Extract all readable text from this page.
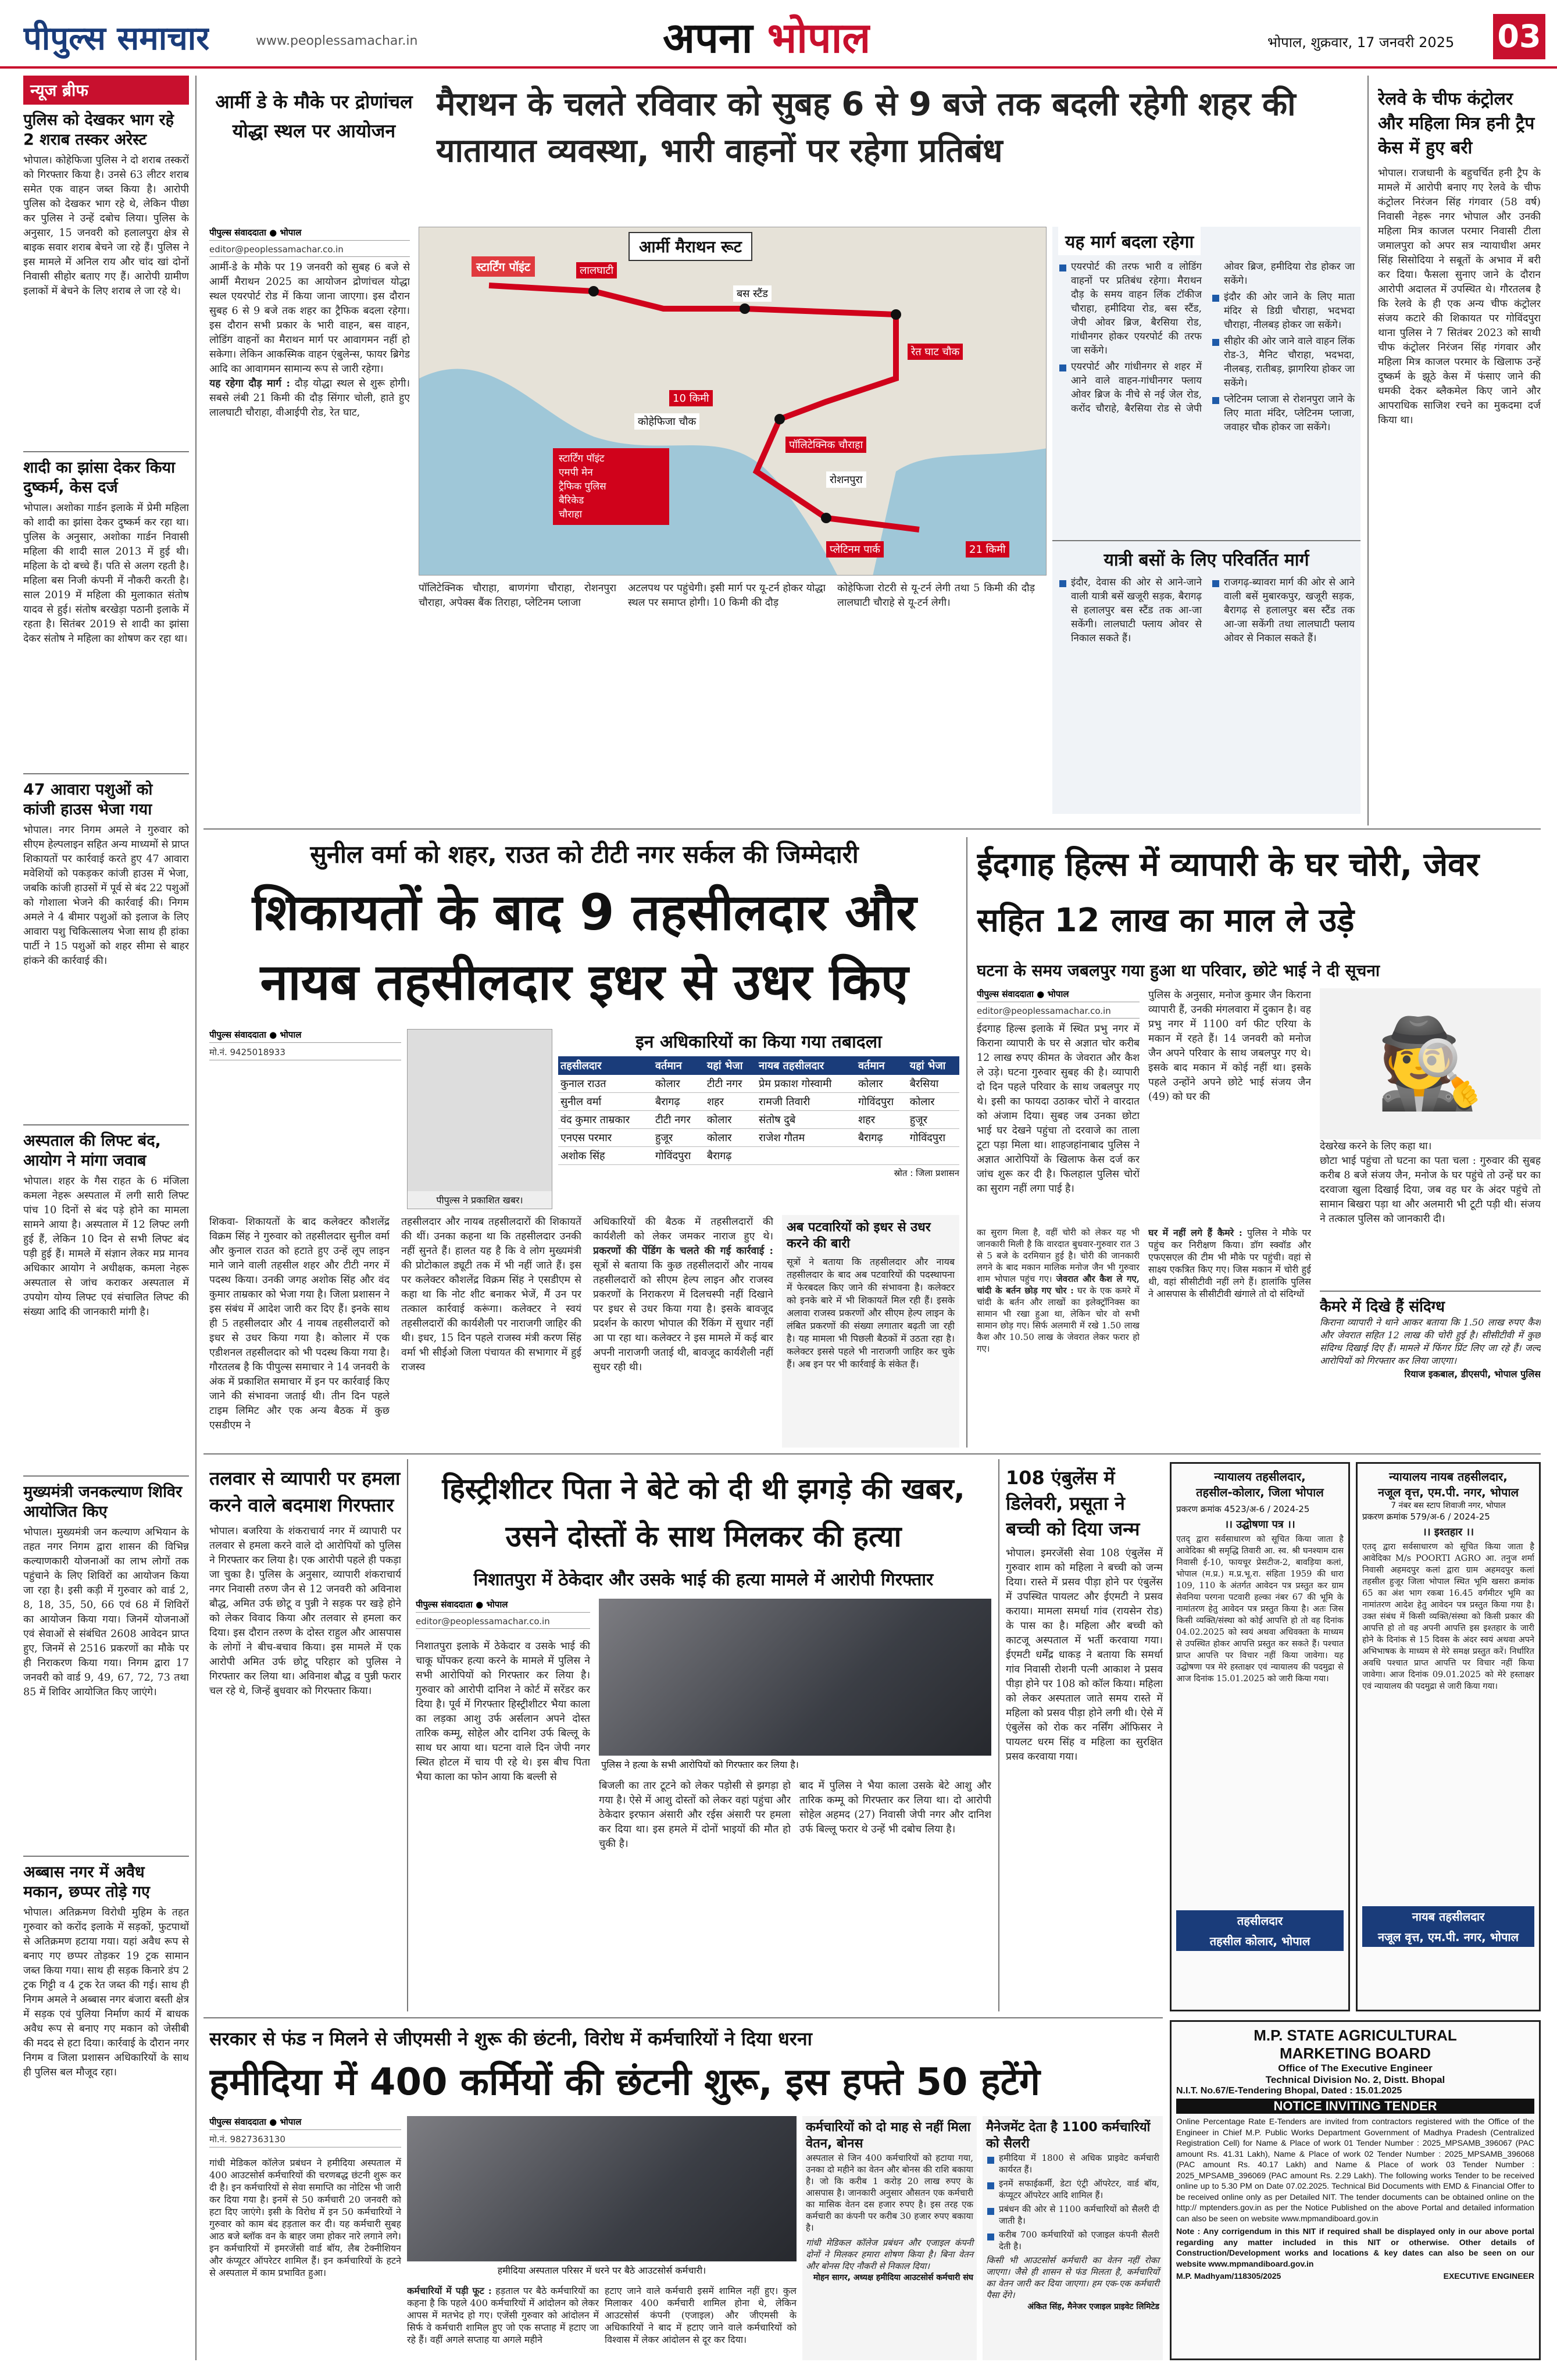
पीपुल्स समाचार	www.peoplessamachar.in	अपना भोपाल	भोपाल, शुक्रवार, 17 जनवरी 2025 03
न्यूज ब्रीफ
पुलिस को देखकर भाग रहे 2 शराब तस्कर अरेस्ट
भोपाल। कोहेफिजा पुलिस ने दो शराब तस्करों को गिरफ्तार किया है। उनसे 63 लीटर शराब समेत एक वाहन जब्त किया है। आरोपी पुलिस को देखकर भाग रहे थे, लेकिन पीछा कर पुलिस ने उन्हें दबोच लिया। पुलिस के अनुसार, 15 जनवरी को हलालपुरा क्षेत्र से बाइक सवार शराब बेचने जा रहे हैं। पुलिस ने इस मामले में अनिल राय और चांद खां दोनों निवासी सीहोर बताए गए हैं। आरोपी ग्रामीण इलाकों में बेचने के लिए शराब ले जा रहे थे।
शादी का झांसा देकर किया दुष्कर्म, केस दर्ज
भोपाल। अशोका गार्डन इलाके में प्रेमी महिला को शादी का झांसा देकर दुष्कर्म कर रहा था। पुलिस के अनुसार, अशोका गार्डन निवासी महिला की शादी साल 2013 में हुई थी। महिला के दो बच्चे हैं। पति से अलग रहती है। महिला बस निजी कंपनी में नौकरी करती है। साल 2019 में महिला की मुलाकात संतोष यादव से हुई। संतोष बरखेड़ा पठानी इलाके में रहता है। सितंबर 2019 से शादी का झांसा देकर संतोष ने महिला का शोषण कर रहा था।
47 आवारा पशुओं को कांजी हाउस भेजा गया
भोपाल। नगर निगम अमले ने गुरुवार को सीएम हेल्पलाइन सहित अन्य माध्यमों से प्राप्त शिकायतों पर कार्रवाई करते हुए 47 आवारा मवेशियों को पकड़कर कांजी हाउस में भेजा, जबकि कांजी हाउसों में पूर्व से बंद 22 पशुओं को गोशाला भेजने की कार्रवाई की। निगम अमले ने 4 बीमार पशुओं को इलाज के लिए आवारा पशु चिकित्सालय भेजा साथ ही हांका पार्टी ने 15 पशुओं को शहर सीमा से बाहर हांकने की कार्रवाई की।
अस्पताल की लिफ्ट बंद, आयोग ने मांगा जवाब
भोपाल। शहर के गैस राहत के 6 मंजिला कमला नेहरू अस्पताल में लगी सारी लिफ्ट पांच 10 दिनों से बंद पड़े होने का मामला सामने आया है। अस्पताल में 12 लिफ्ट लगी हुई हैं, लेकिन 10 दिन से सभी लिफ्ट बंद पड़ी हुई हैं। मामले में संज्ञान लेकर मप्र मानव अधिकार आयोग ने अधीक्षक, कमला नेहरू अस्पताल से जांच कराकर अस्पताल में उपयोग योग्य लिफ्ट एवं संचालित लिफ्ट की संख्या आदि की जानकारी मांगी है।
मुख्यमंत्री जनकल्याण शिविर आयोजित किए
भोपाल। मुख्यमंत्री जन कल्याण अभियान के तहत नगर निगम द्वारा शासन की विभिन्न कल्याणकारी योजनाओं का लाभ लोगों तक पहुंचाने के लिए शिविरों का आयोजन किया जा रहा है। इसी कड़ी में गुरुवार को वार्ड 2, 8, 18, 35, 50, 66 एवं 68 में शिविरों का आयोजन किया गया। जिनमें योजनाओं एवं सेवाओं से संबंधित 2608 आवेदन प्राप्त हुए, जिनमें से 2516 प्रकरणों का मौके पर ही निराकरण किया गया। निगम द्वारा 17 जनवरी को वार्ड 9, 49, 67, 72, 73 तथा 85 में शिविर आयोजित किए जाएंगे।
अब्बास नगर में अवैध मकान, छप्पर तोड़े गए
भोपाल। अतिक्रमण विरोधी मुहिम के तहत गुरुवार को करोंद इलाके में सड़कों, फुटपाथों से अतिक्रमण हटाया गया। यहां अवैध रूप से बनाए गए छप्पर तोड़कर 19 ट्रक सामान जब्त किया गया। साथ ही सड़क किनारे डंप 2 ट्रक गिट्टी व 4 ट्रक रेत जब्त की गई। साथ ही निगम अमले ने अब्बास नगर बंजारा बस्ती क्षेत्र में सड़क एवं पुलिया निर्माण कार्य में बाधक अवैध रूप से बनाए गए मकान को जेसीबी की मदद से हटा दिया। कार्रवाई के दौरान नगर निगम व जिला प्रशासन अधिकारियों के साथ ही पुलिस बल मौजूद रहा।
आर्मी डे के मौके पर द्रोणांचल योद्धा स्थल पर आयोजन
मैराथन के चलते रविवार को सुबह 6 से 9 बजे तक बदली रहेगी शहर की यातायात व्यवस्था, भारी वाहनों पर रहेगा प्रतिबंध
पीपुल्स संवाददाता ● भोपाल
editor@peoplessamachar.co.in
आर्मी-डे के मौके पर 19 जनवरी को सुबह 6 बजे से आर्मी मैराथन 2025 का आयोजन द्रोणांचल योद्धा स्थल एयरपोर्ट रोड में किया जाना जाएगा। इस दौरान सुबह 6 से 9 बजे तक शहर का ट्रैफिक बदला रहेगा। इस दौरान सभी प्रकार के भारी वाहन, बस वाहन, लोडिंग वाहनों का मैराथन मार्ग पर आवागमन नहीं हो सकेगा। लेकिन आकस्मिक वाहन एंबुलेन्स, फायर ब्रिगेड आदि का आवागमन सामान्य रूप से जारी रहेगा।
यह रहेगा दौड़ मार्ग : दौड़ योद्धा स्थल से शुरू होगी। सबसे लंबी 21 किमी की दौड़ सिंगार चोली, हाते हुए लालघाटी चौराहा, वीआईपी रोड, रेत घाट,
आर्मी मैराथन रूट
स्टार्टिंग पॉइंट	लालघाटी
बस स्टैंड
रेत घाट चौक
कोहेफिजा चौक
10 किमी
पॉलिटेक्निक चौराहा
रोशनपुरा
प्लेटिनम पार्क	21 किमी
स्टार्टिंग पॉइंट
एमपी मेन
ट्रैफिक पुलिस
बैरिकेड
चौराहा
पॉलिटेक्निक चौराहा, बाणगंगा चौराहा, रोशनपुरा चौराहा, अपेक्स बैंक तिराहा, प्लेटिनम प्लाजा
अटलपथ पर पहुंचेगी। इसी मार्ग पर यू-टर्न होकर योद्धा स्थल पर समाप्त होगी। 10 किमी की दौड़
कोहेफिजा रोटरी से यू-टर्न लेगी तथा 5 किमी की दौड़ लालघाटी चौराहे से यू-टर्न लेगी।
यह मार्ग बदला रहेगा
एयरपोर्ट की तरफ भारी व लोडिंग वाहनों पर प्रतिबंध रहेगा। मैराथन दौड़ के समय वाहन लिंक टॉकीज चौराहा, हमीदिया रोड, बस स्टैंड, जेपी ओवर ब्रिज, बैरसिया रोड, गांधीनगर होकर एयरपोर्ट की तरफ जा सकेंगे।
एयरपोर्ट और गांधीनगर से शहर में आने वाले वाहन-गांधीनगर फ्लाय ओवर ब्रिज के नीचे से नई जेल रोड, करोंद चौराहे, बैरसिया रोड से जेपी ओवर ब्रिज, हमीदिया रोड होकर जा सकेंगे।
इंदौर की ओर जाने के लिए माता मंदिर से डिग्री चौराहा, भदभदा चौराहा, नीलबड़ होकर जा सकेंगे।
सीहोर की ओर जाने वाले वाहन लिंक रोड-3, मैनिट चौराहा, भदभदा, नीलबड़, रातीबड़, झागरिया होकर जा सकेंगे।
प्लेटिनम प्लाजा से रोशनपुरा जाने के लिए माता मंदिर, प्लेटिनम प्लाजा, जवाहर चौक होकर जा सकेंगे।
यात्री बसों के लिए परिवर्तित मार्ग
इंदौर, देवास की ओर से आने-जाने वाली यात्री बसें खजूरी सड़क, बैरागढ़ से हलालपुर बस स्टैंड तक आ-जा सकेंगी। लालघाटी फ्लाय ओवर से निकाल सकते हैं।
राजगढ़-ब्यावरा मार्ग की ओर से आने वाली बसें मुबारकपुर, खजूरी सड़क, बैरागढ़ से हलालपुर बस स्टैंड तक आ-जा सकेंगी तथा लालघाटी फ्लाय ओवर से निकाल सकते हैं।
रेलवे के चीफ कंट्रोलर और महिला मित्र हनी ट्रैप केस में हुए बरी
भोपाल। राजधानी के बहुचर्चित हनी ट्रैप के मामले में आरोपी बनाए गए रेलवे के चीफ कंट्रोलर निरंजन सिंह गंगवार (58 वर्ष) निवासी नेहरू नगर भोपाल और उनकी महिला मित्र काजल परमार निवासी टीला जमालपुरा को अपर सत्र न्यायाधीश अमर सिंह सिसोदिया ने सबूतों के अभाव में बरी कर दिया। फैसला सुनाए जाने के दौरान आरोपी अदालत में उपस्थित थे। गौरतलब है कि रेलवे के ही एक अन्य चीफ कंट्रोलर संजय कटारे की शिकायत पर गोविंदपुरा थाना पुलिस ने 7 सितंबर 2023 को साथी चीफ कंट्रोलर निरंजन सिंह गंगवार और महिला मित्र काजल परमार के खिलाफ उन्हें दुष्कर्म के झूठे केस में फंसाए जाने की धमकी देकर ब्लैकमेल किए जाने और आपराधिक साजिश रचने का मुकदमा दर्ज किया था।
सुनील वर्मा को शहर, राउत को टीटी नगर सर्कल की जिम्मेदारी
शिकायतों के बाद 9 तहसीलदार और नायब तहसीलदार इधर से उधर किए
पीपुल्स संवाददाता ● भोपाल
मो.नं. 9425018933
पीपुल्स ने प्रकाशित खबर।
इन अधिकारियों का किया गया तबादला
तहसीलदार	वर्तमान	यहां भेजा	नायब तहसीलदार	वर्तमान	यहां भेजा
कुनाल राउत	कोलार	टीटी नगर	प्रेम प्रकाश गोस्वामी	कोलार	बैरसिया
सुनील वर्मा	बैरागढ़	शहर	रामजी तिवारी	गोविंदपुरा	कोलार
वंद कुमार ताम्रकार	टीटी नगर	कोलार	संतोष दुबे	शहर	हुजूर
एनएस परमार	हुजूर	कोलार	राजेश गौतम	बैरागढ़	गोविंदपुरा
अशोक सिंह	गोविंदपुरा	बैरागढ़			
स्रोत : जिला प्रशासन
शिकवा- शिकायतों के बाद कलेक्टर कौशलेंद्र विक्रम सिंह ने गुरुवार को तहसीलदार सुनील वर्मा और कुनाल राउत को हटाते हुए उन्हें लूप लाइन माने जाने वाली तहसील शहर और टीटी नगर में पदस्थ किया। उनकी जगह अशोक सिंह और वंद कुमार ताम्रकार को भेजा गया है। जिला प्रशासन ने इस संबंध में आदेश जारी कर दिए हैं। इनके साथ ही 5 तहसीलदार और 4 नायब तहसीलदारों को इधर से उधर किया गया है। कोलार में एक एडीशनल तहसीलदार को भी पदस्थ किया गया है। गौरतलब है कि पीपुल्स समाचार ने 14 जनवरी के अंक में प्रकाशित समाचार में इन पर कार्रवाई किए जाने की संभावना जताई थी। तीन दिन पहले टाइम लिमिट और एक अन्य बैठक में कुछ एसडीएम ने
तहसीलदार और नायब तहसीलदारों की शिकायतें की थीं। उनका कहना था कि तहसीलदार उनकी नहीं सुनते हैं। हालत यह है कि वे लोग मुख्यमंत्री की प्रोटोकाल ड्यूटी तक में भी नहीं जाते हैं। इस पर कलेक्टर कौशलेंद्र विक्रम सिंह ने एसडीएम से कहा था कि नोट शीट बनाकर भेजें, मैं उन पर तत्काल कार्रवाई करूंगा। कलेक्टर ने स्वयं तहसीलदारों की कार्यशैली पर नाराजगी जाहिर की थी। इधर, 15 दिन पहले राजस्व मंत्री करण सिंह वर्मा भी सीईओ जिला पंचायत की सभागार में हुई राजस्व
अधिकारियों की बैठक में तहसीलदारों की कार्यशैली को लेकर जमकर नाराज हुए थे। प्रकरणों की पेंडिंग के चलते की गई कार्रवाई : सूत्रों से बताया कि कुछ तहसीलदारों और नायब तहसीलदारों को सीएम हेल्प लाइन और राजस्व प्रकरणों के निराकरण में दिलचस्पी नहीं दिखाने पर इधर से उधर किया गया है। इसके बावजूद प्रदर्शन के कारण भोपाल की रैंकिंग में सुधार नहीं आ पा रहा था। कलेक्टर ने इस मामले में कई बार अपनी नाराजगी जताई थी, बावजूद कार्यशैली नहीं सुधर रही थी।
अब पटवारियों को इधर से उधर करने की बारी
सूत्रों ने बताया कि तहसीलदार और नायब तहसीलदार के बाद अब पटवारियों की पदस्थापना में फेरबदल किए जाने की संभावना है। कलेक्टर को इनके बारे में भी शिकायतें मिल रही हैं। इसके अलावा राजस्व प्रकरणों और सीएम हेल्प लाइन के लंबित प्रकरणों की संख्या लगातार बढ़ती जा रही है। यह मामला भी पिछली बैठकों में उठता रहा है। कलेक्टर इससे पहले भी नाराजगी जाहिर कर चुके हैं। अब इन पर भी कार्रवाई के संकेत हैं।
ईदगाह हिल्स में व्यापारी के घर चोरी, जेवर सहित 12 लाख का माल ले उड़े
घटना के समय जबलपुर गया हुआ था परिवार, छोटे भाई ने दी सूचना
पीपुल्स संवाददाता ● भोपाल
editor@peoplessamachar.co.in
ईदगाह हिल्स इलाके में स्थित प्रभु नगर में किराना व्यापारी के घर से अज्ञात चोर करीब 12 लाख रुपए कीमत के जेवरात और कैश ले उड़े। घटना गुरुवार सुबह की है। व्यापारी दो दिन पहले परिवार के साथ जबलपुर गए थे। इसी का फायदा उठाकर चोरों ने वारदात को अंजाम दिया। सुबह जब उनका छोटा भाई घर देखने पहुंचा तो दरवाजे का ताला टूटा पड़ा मिला था। शाहजहांनाबाद पुलिस ने अज्ञात आरोपियों के खिलाफ केस दर्ज कर जांच शुरू कर दी है। फिलहाल पुलिस चोरों का सुराग नहीं लगा पाई है।
पुलिस के अनुसार, मनोज कुमार जैन किराना व्यापारी हैं, उनकी मंगलवारा में दुकान है। वह प्रभु नगर में 1100 वर्ग फीट एरिया के मकान में रहते हैं। 14 जनवरी को मनोज जैन अपने परिवार के साथ जबलपुर गए थे। इसके बाद मकान में कोई नहीं था। इसके पहले उन्होंने अपने छोटे भाई संजय जैन (49) को घर की	🕵
देखरेख करने के लिए कहा था।
छोटा भाई पहुंचा तो घटना का पता चला : गुरुवार की सुबह करीब 8 बजे संजय जैन, मनोज के घर पहुंचे तो उन्हें घर का दरवाजा खुला दिखाई दिया, जब वह घर के अंदर पहुंचे तो सामान बिखरा पड़ा था और अलमारी भी टूटी पड़ी थी। संजय ने तत्काल पुलिस को जानकारी दी।
घर में नहीं लगे हैं कैमरे : पुलिस ने मौके पर पहुंच कर निरीक्षण किया। डॉग स्क्वॉड और एफएसएल की टीम भी मौके पर पहुंची। वहां से साक्ष्य एकत्रित किए गए। जिस मकान में चोरी हुई थी, वहां सीसीटीवी नहीं लगे हैं। हालांकि पुलिस ने आसपास के सीसीटीवी खंगाले तो दो संदिग्धों
का सुराग मिला है, वहीं चोरी को लेकर यह भी जानकारी मिली है कि वारदात बुधवार-गुरुवार रात 3 से 5 बजे के दरमियान हुई है। चोरी की जानकारी लगने के बाद मकान मालिक मनोज जैन भी गुरुवार शाम भोपाल पहुंच गए। जेवरात और कैश ले गए, चांदी के बर्तन छोड़ गए चोर : घर के एक कमरे में चांदी के बर्तन और लाखों का इलेक्ट्रॉनिक्स का सामान भी रखा हुआ था, लेकिन चोर वो सभी सामान छोड़ गए। सिर्फ अलमारी में रखे 1.50 लाख कैश और 10.50 लाख के जेवरात लेकर फरार हो गए।
कैमरे में दिखे हैं संदिग्ध
किराना व्यापारी ने थाने आकर बताया कि 1.50 लाख रुपए कैश और जेवरात सहित 12 लाख की चोरी हुई है। सीसीटीवी में कुछ संदिग्ध दिखाई दिए हैं। मामले में फिंगर प्रिंट लिए जा रहे हैं। जल्द आरोपियों को गिरफ्तार कर लिया जाएगा।
रियाज इकबाल, डीएसपी, भोपाल पुलिस
तलवार से व्यापारी पर हमला करने वाले बदमाश गिरफ्तार
भोपाल। बजरिया के शंकराचार्य नगर में व्यापारी पर तलवार से हमला करने वाले दो आरोपियों को पुलिस ने गिरफ्तार कर लिया है। एक आरोपी पहले ही पकड़ा जा चुका है। पुलिस के अनुसार, व्यापारी शंकराचार्य नगर निवासी तरुण जैन से 12 जनवरी को अविनाश बौद्ध, अमित उर्फ छोटू व पुन्नी ने सड़क पर खड़े होने को लेकर विवाद किया और तलवार से हमला कर दिया। इस दौरान तरुण के दोस्त राहुल और आसपास के लोगों ने बीच-बचाव किया। इस मामले में एक आरोपी अमित उर्फ छोटू परिहार को पुलिस ने गिरफ्तार कर लिया था। अविनाश बौद्ध व पुन्नी फरार चल रहे थे, जिन्हें बुधवार को गिरफ्तार किया।
हिस्ट्रीशीटर पिता ने बेटे को दी थी झगड़े की खबर, उसने दोस्तों के साथ मिलकर की हत्या
निशातपुरा में ठेकेदार और उसके भाई की हत्या मामले में आरोपी गिरफ्तार
पीपुल्स संवाददाता ● भोपाल
editor@peoplessamachar.co.in
पुलिस ने हत्या के सभी आरोपियों को गिरफ्तार कर लिया है।
निशातपुरा इलाके में ठेकेदार व उसके भाई की चाकू घोंपकर हत्या करने के मामले में पुलिस ने सभी आरोपियों को गिरफ्तार कर लिया है। गुरुवार को आरोपी दानिश ने कोर्ट में सरेंडर कर दिया है। पूर्व में गिरफ्तार हिस्ट्रीशीटर भैया काला का लड़का आशु उर्फ अर्सलान अपने दोस्त तारिक कम्मू, सोहेल और दानिश उर्फ बिल्लू के साथ घर आया था। घटना वाले दिन जेपी नगर स्थित होटल में चाय पी रहे थे। इस बीच पिता भैया काला का फोन आया कि बल्ली से
बिजली का तार टूटने को लेकर पड़ोसी से झगड़ा हो गया है। ऐसे में आशु दोस्तों को लेकर वहां पहुंचा और ठेकेदार इरफान अंसारी और रईस अंसारी पर हमला कर दिया था। इस हमले में दोनों भाइयों की मौत हो चुकी है।
बाद में पुलिस ने भैया काला उसके बेटे आशु और तारिक कम्मू को गिरफ्तार कर लिया था। दो आरोपी सोहेल अहमद (27) निवासी जेपी नगर और दानिश उर्फ बिल्लू फरार थे उन्हें भी दबोच लिया है।
108 एंबुलेंस में डिलेवरी, प्रसूता ने बच्ची को दिया जन्म
भोपाल। इमरजेंसी सेवा 108 एंबुलेंस में गुरुवार शाम को महिला ने बच्ची को जन्म दिया। रास्ते में प्रसव पीड़ा होने पर एंबुलेंस में उपस्थित पायलट और ईएमटी ने प्रसव कराया। मामला समर्धा गांव (रायसेन रोड) के पास का है। महिला और बच्ची को काटजू अस्पताल में भर्ती करवाया गया। ईएमटी धर्मेंद्र धाकड़ ने बताया कि समर्धा गांव निवासी रोशनी पत्नी आकाश ने प्रसव पीड़ा होने पर 108 को कॉल किया। महिला को लेकर अस्पताल जाते समय रास्ते में महिला को प्रसव पीड़ा होने लगी थी। ऐसे में एंबुलेंस को रोक कर नर्सिंग ऑफिसर ने पायलट धरम सिंह व महिला का सुरक्षित प्रसव करवाया गया।
न्यायालय तहसीलदार,
तहसील-कोलार, जिला भोपाल
प्रकरण क्रमांक 4523/अ-6 / 2024-25
।। उद्घोषणा पत्र ।।
एतद् द्वारा सर्वसाधारण को सूचित किया जाता है आवेदिका श्री समृद्धि तिवारी आ. स्व. श्री घनश्याम दास निवासी ई-10, फायचूर प्रेसटीज-2, बावड़िया कलां, भोपाल (म.प्र.) म.प्र.भू.रा. संहिता 1959 की धारा 109, 110 के अंतर्गत आवेदन पत्र प्रस्तुत कर ग्राम सेवनिया परगना पटवारी हल्का नंबर 67 की भूमि के नामांतरण हेतु आवेदन पत्र प्रस्तुत किया है। अतः जिस किसी व्यक्ति/संस्था को कोई आपत्ति हो तो वह दिनांक 04.02.2025 को स्वयं अथवा अधिवक्ता के माध्यम से उपस्थित होकर आपत्ति प्रस्तुत कर सकते हैं। पश्चात प्राप्त आपत्ति पर विचार नहीं किया जावेगा। यह उद्घोषणा पत्र मेरे हस्ताक्षर एवं न्यायालय की पदमुद्रा से आज दिनांक 15.01.2025 को जारी किया गया।
तहसीलदार
तहसील कोलार, भोपाल
न्यायालय नायब तहसीलदार,
नजूल वृत्त, एम.पी. नगर, भोपाल
7 नंबर बस स्टाप शिवाजी नगर, भोपाल
प्रकरण क्रमांक 579/अ-6 / 2024-25
।। इश्तहार ।।
एतद् द्वारा सर्वसाधारण को सूचित किया जाता है आवेदिका M/s POORTI AGRO आ. तनुज शर्मा निवासी अहमदपुर कलां द्वारा ग्राम अहमदपुर कलां तहसील हुजूर जिला भोपाल स्थित भूमि खसरा क्रमांक 65 का अंश भाग रकबा 16.45 वर्गमीटर भूमि का नामांतरण आदेश हेतु आवेदन पत्र प्रस्तुत किया गया है। उक्त संबंध में किसी व्यक्ति/संस्था को किसी प्रकार की आपत्ति हो तो वह अपनी आपत्ति इस इश्तहार के जारी होने के दिनांक से 15 दिवस के अंदर स्वयं अथवा अपने अभिभाषक के माध्यम से मेरे समक्ष प्रस्तुत करें। निर्धारित अवधि पश्चात प्राप्त आपत्ति पर विचार नहीं किया जावेगा। आज दिनांक 09.01.2025 को मेरे हस्ताक्षर एवं न्यायालय की पदमुद्रा से जारी किया गया।
नायब तहसीलदार
नजूल वृत्त, एम.पी. नगर, भोपाल
सरकार से फंड न मिलने से जीएमसी ने शुरू की छंटनी, विरोध में कर्मचारियों ने दिया धरना
हमीदिया में 400 कर्मियों की छंटनी शुरू, इस हफ्ते 50 हटेंगे
पीपुल्स संवाददाता ● भोपाल
मो.नं. 9827363130
गांधी मेडिकल कॉलेज प्रबंधन ने हमीदिया अस्पताल में 400 आउटसोर्स कर्मचारियों की चरणबद्ध छंटनी शुरू कर दी है। इन कर्मचारियों से सेवा समाप्ति का नोटिस भी जारी कर दिया गया है। इनमें से 50 कर्मचारी 20 जनवरी को हटा दिए जाएंगे। इसी के विरोध में इन 50 कर्मचारियों ने गुरुवार को काम बंद हड़ताल कर दी। यह कर्मचारी सुबह आठ बजे ब्लॉक वन के बाहर जमा होकर नारे लगाने लगे। इन कर्मचारियों में इमरजेंसी वार्ड बॉय, लैब टेक्नीशियन और कंप्यूटर ऑपरेटर शामिल हैं। इन कर्मचारियों के हटने से अस्पताल में काम प्रभावित हुआ।	हमीदिया अस्पताल परिसर में धरने पर बैठे आउटसोर्स कर्मचारी।
कर्मचारियों में पड़ी फूट : हड़ताल पर बैठे कर्मचारियों का कहना है कि पहले 400 कर्मचारियों में आंदोलन को लेकर आपस में मतभेद हो गए। एजेंसी गुरुवार को आंदोलन में सिर्फ वे कर्मचारी शामिल हुए जो एक सप्ताह में हटाए जा रहे हैं। वहीं अगले सप्ताह या अगले महीने
हटाए जाने वाले कर्मचारी इसमें शामिल नहीं हुए। कुल मिलाकर 400 कर्मचारी शामिल होना थे, लेकिन आउटसोर्स कंपनी (एजाइल) और जीएमसी के अधिकारियों ने बाद में हटाए जाने वाले कर्मचारियों को विश्वास में लेकर आंदोलन से दूर कर दिया।
कर्मचारियों को दो माह से नहीं मिला वेतन, बोनस
अस्पताल से जिन 400 कर्मचारियों को हटाया गया, उनका दो महीने का वेतन और बोनस की राशि बकाया है। जो कि करीब 1 करोड़ 20 लाख रुपए के आसपास है। जानकारी अनुसार औसतन एक कर्मचारी का मासिक वेतन दस हजार रुपए है। इस तरह एक कर्मचारी का कंपनी पर करीब 30 हजार रुपए बकाया है।
गांधी मेडिकल कॉलेज प्रबंधन और एजाइल कंपनी दोनों ने मिलकर हमारा शोषण किया है। बिना वेतन और बोनस दिए नौकरी से निकाल दिया।
मोहन सागर, अध्यक्ष हमीदिया आउटसोर्स कर्मचारी संघ
मैनेजमेंट देता है 1100 कर्मचारियों को सैलरी
हमीदिया में 1800 से अधिक प्राइवेट कर्मचारी कार्यरत हैं।
इनमें सफाईकर्मी, डेटा एंट्री ऑपरेटर, वार्ड बॉय, कंप्यूटर ऑपरेटर आदि शामिल हैं।
प्रबंधन की ओर से 1100 कर्मचारियों को सैलरी दी जाती है।
करीब 700 कर्मचारियों को एजाइल कंपनी सैलरी देती है।
किसी भी आउटसोर्स कर्मचारी का वेतन नहीं रोका जाएगा। जैसे ही शासन से फंड मिलता है, कर्मचारियों का वेतन जारी कर दिया जाएगा। हम एक-एक कर्मचारी पैसा देंगे।
अंकित सिंह, मैनेजर एजाइल प्राइवेट लिमिटेड
M.P. STATE AGRICULTURAL
MARKETING BOARD
Office of The Executive Engineer
Technical Division No. 2, Distt. Bhopal
N.I.T. No.67/E-Tendering Bhopal, Dated : 15.01.2025
NOTICE INVITING TENDER
Online Percentage Rate E-Tenders are invited from contractors registered with the Office of the Engineer in Chief M.P. Public Works Department Government of Madhya Pradesh (Centralized Registration Cell) for Name & Place of work 01 Tender Number : 2025_MPSAMB_396067 (PAC amount Rs. 41.31 Lakh), Name & Place of work 02 Tender Number : 2025_MPSAMB_396068 (PAC amount Rs. 40.17 Lakh) and Name & Place of work 03 Tender Number : 2025_MPSAMB_396069 (PAC amount Rs. 2.29 Lakh). The following works Tender to be received online up to 5.30 PM on Date 07.02.2025. Technical Bid Documents with EMD & Financial Offer to be received online only as per Detailed NIT. The tender documents can be obtained online on the http:// mptenders.gov.in as per the Notice Published on the above Portal and detailed information can also be seen on website www.mpmandiboard.gov.in
Note : Any corrigendum in this NIT if required shall be displayed only in our above portal regarding any matter included in this NIT or otherwise. Other details of Construction/Development works and locations & key dates can also be seen on our website www.mpmandiboard.gov.in
M.P. Madhyam/118305/2025	EXECUTIVE ENGINEER
